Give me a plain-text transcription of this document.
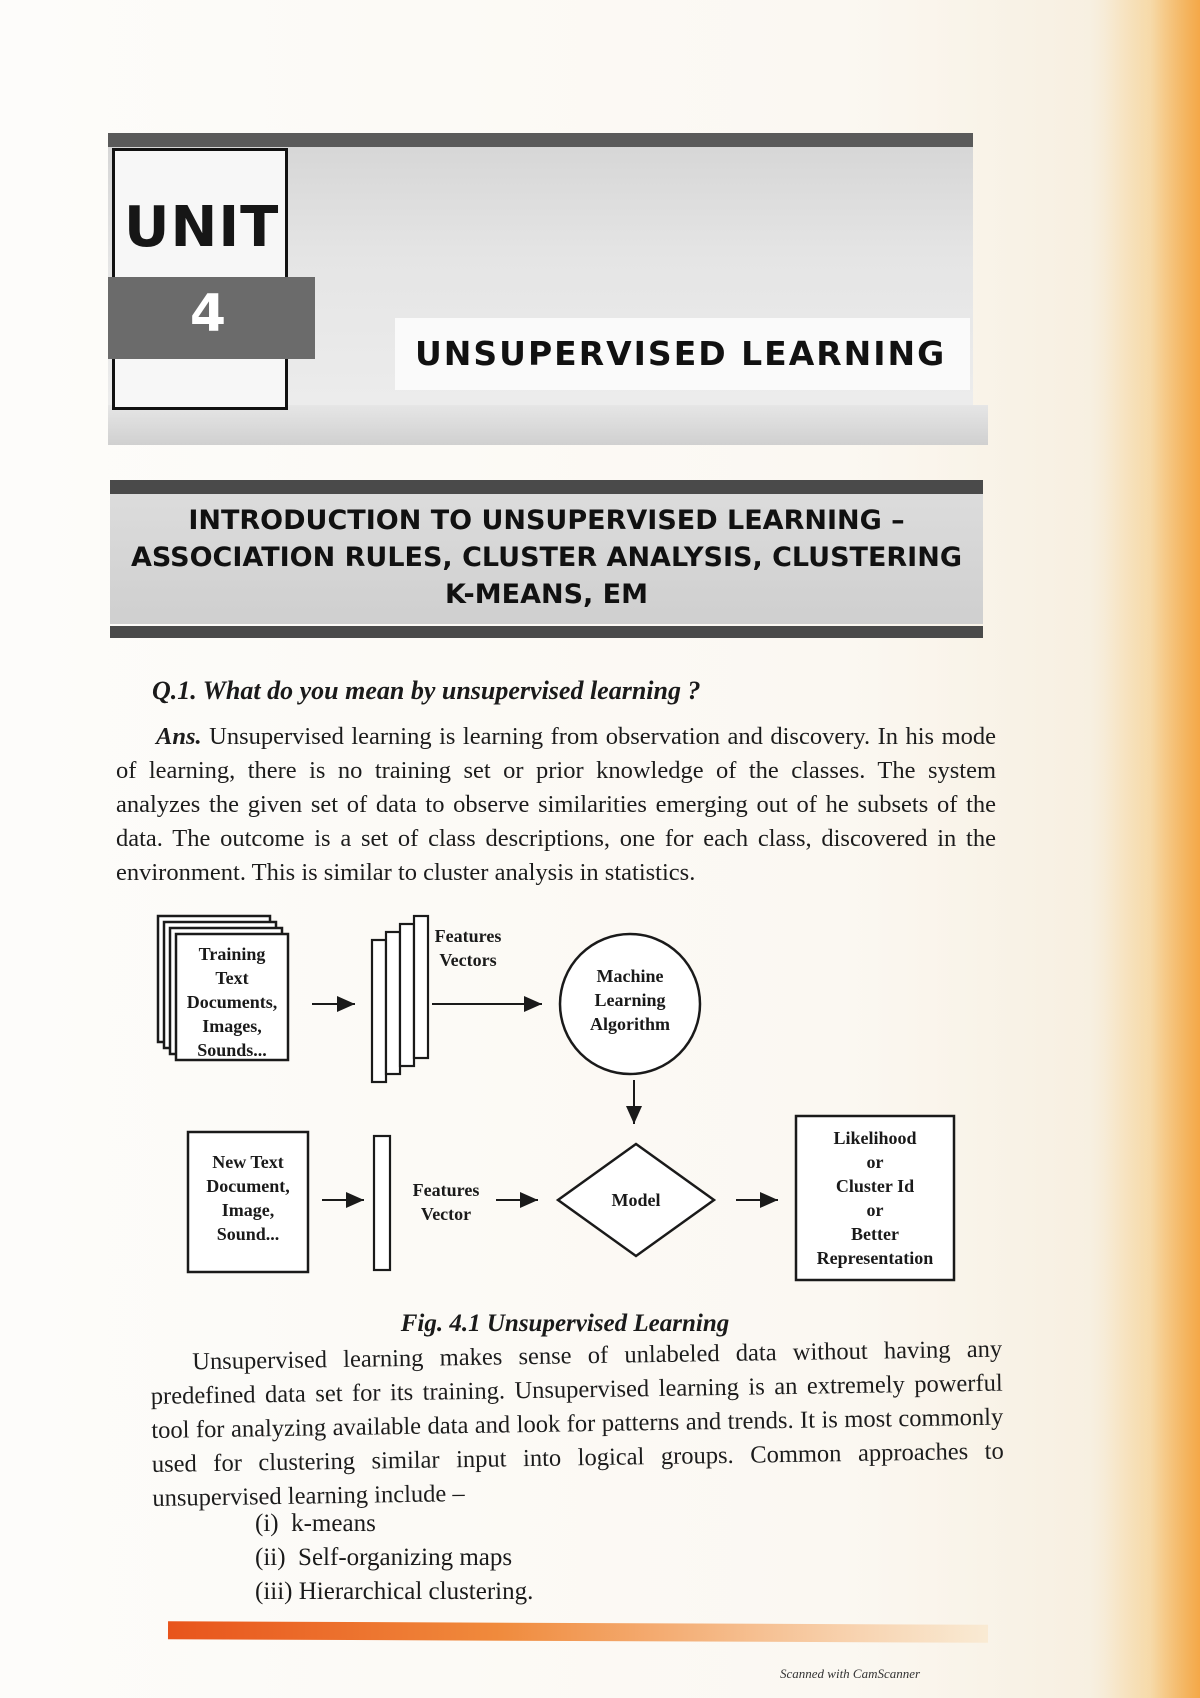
UNIT
4
UNSUPERVISED LEARNING
INTRODUCTION TO UNSUPERVISED LEARNING –
ASSOCIATION RULES, CLUSTER ANALYSIS, CLUSTERING
K-MEANS, EM
Q.1. What do you mean by unsupervised learning ?
Ans. Unsupervised learning is learning from observation and discovery. In his mode of learning, there is no training set or prior knowledge of the classes. The system analyzes the given set of data to observe similarities emerging out of he subsets of the data. The outcome is a set of class descriptions, one for each class, discovered in the environment. This is similar to cluster analysis in statistics.
Training
Text
Documents,
Images,
Sounds...
Features
Vectors
Machine
Learning
Algorithm
New Text
Document,
Image,
Sound...
Features
Vector
Model
Likelihood
or
Cluster Id
or
Better
Representation
Fig. 4.1 Unsupervised Learning
Unsupervised learning makes sense of unlabeled data without having any predefined data set for its training. Unsupervised learning is an extremely powerful tool for analyzing available data and look for patterns and trends. It is most commonly used for clustering similar input into logical groups. Common approaches to unsupervised learning include –
(i) k-means
(ii) Self-organizing maps
(iii) Hierarchical clustering.
Scanned with CamScanner
